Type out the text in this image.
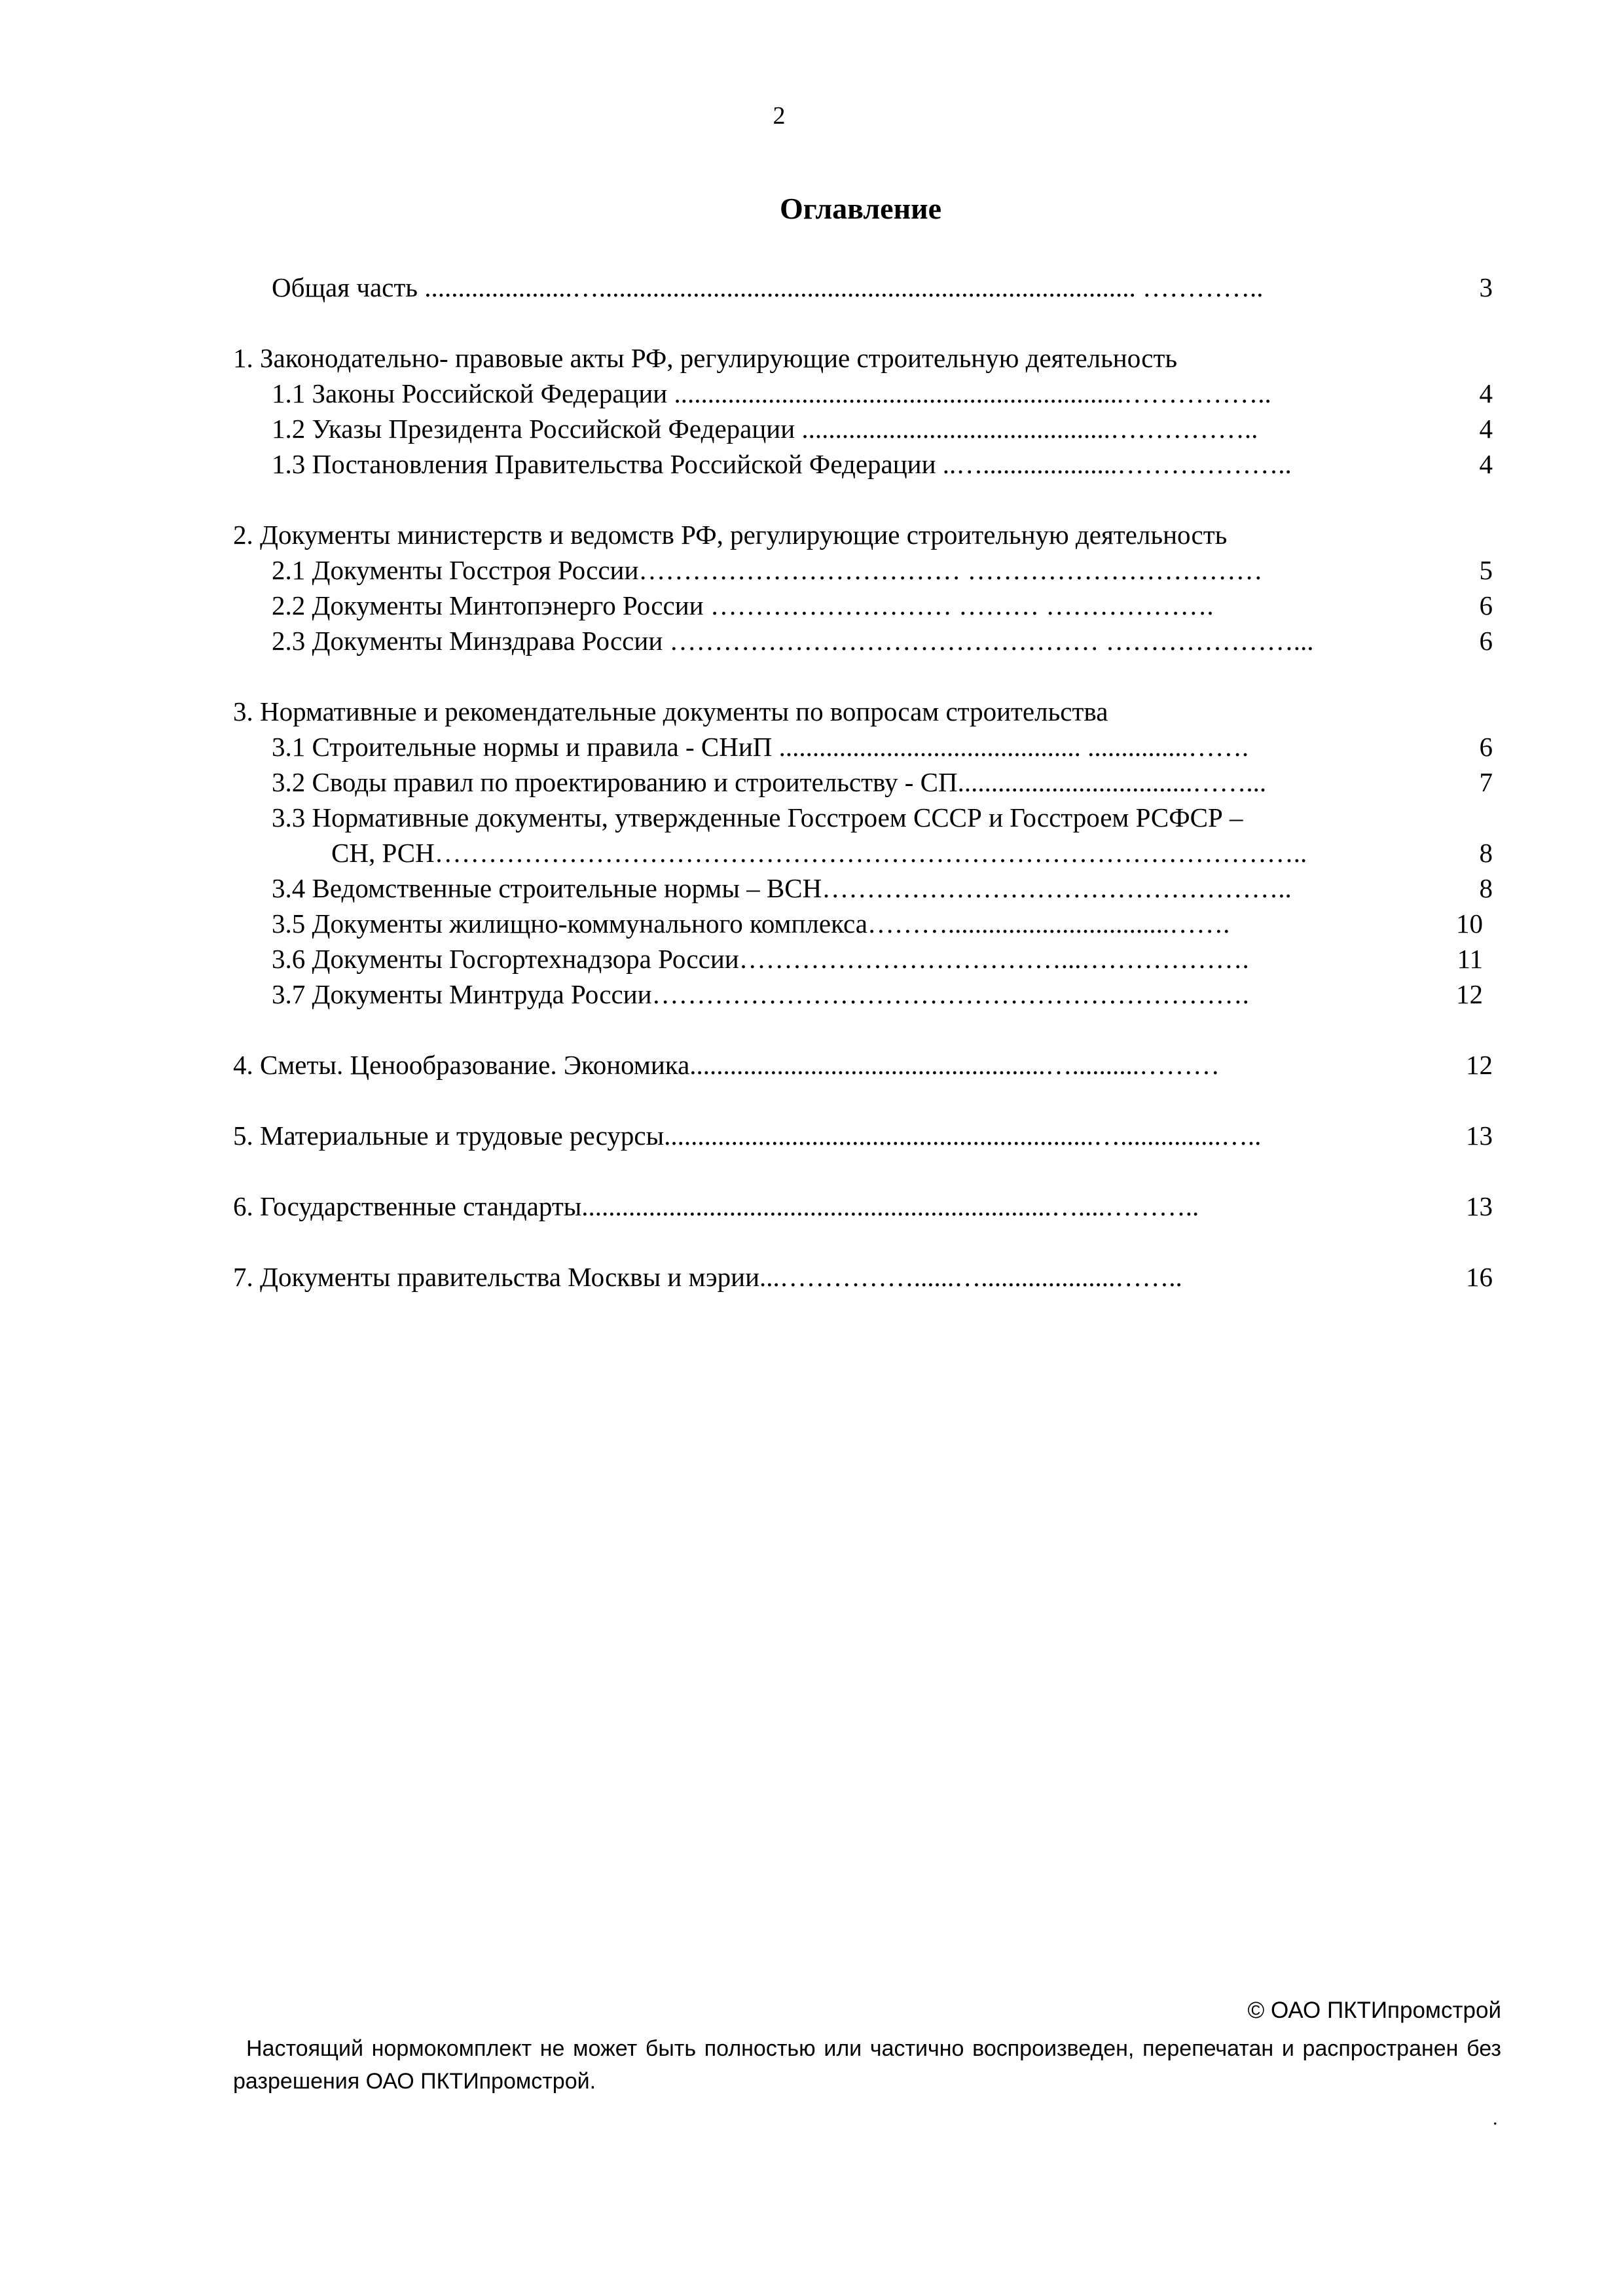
2
Оглавление
Общая часть ......................…................................................................................ …………..	3
1. Законодательно- правовые акты РФ, регулирующие строительную деятельность
1.1 Законы Российской Федерации ...................................................................……………..	4
1.2 Указы Президента Российской Федерации ..............................................……………..	4
1.3 Постановления Правительства Российской Федерации ..…....................………………..	4
2. Документы министерств и ведомств РФ, регулирующие строительную деятельность
2.1 Документы Госстроя России……………………………… ……………………………	5
2.2 Документы Минтопэнерго России ……………………… ……… ……………….	6
2.3 Документы Минздрава России ………………………………………… …………………...	6
3. Нормативные и рекомендательные документы по вопросам строительства
3.1 Строительные нормы и правила - СНиП ............................................. ...............…….	6
3.2 Своды правил по проектированию и строительству - СП...................................……...	7
3.3 Нормативные документы, утвержденные Госстроем СССР и Госстроем РСФСР –
СН, РСН……………………………………………………………………………………..	8
3.4 Ведомственные строительные нормы – ВСН……………………………………………..	8
3.5 Документы жилищно-коммунального комплекса……….................................…….	10
3.6 Документы Госгортехнадзора России………………………………...……………….	11
3.7 Документы Минтруда России………………………………………………………….	12
4. Сметы. Ценообразование. Экономика.....................................................…..........………	12
5. Материальные и трудовые ресурсы................................................................…...............…..	13
6. Государственные стандарты......................................................................…....………..	13
7. Документы правительства Москвы и мэрии...……………......…....................……..	16
© ОАО ПКТИпромстрой
Настоящий нормокомплект не может быть полностью или частично воспроизведен, перепечатан и распространен без разрешения ОАО ПКТИпромстрой.
.
